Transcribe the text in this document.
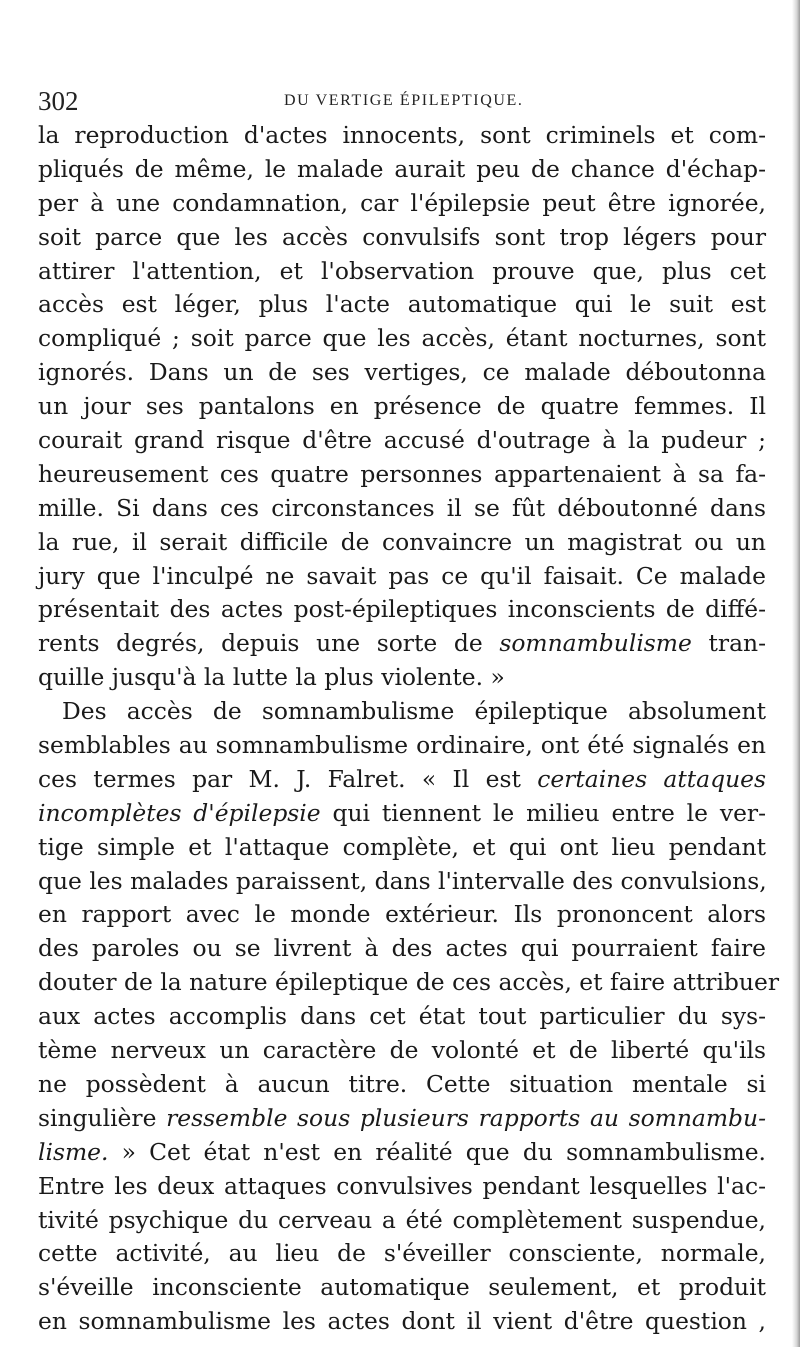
302	DU VERTIGE ÉPILEPTIQUE.
la reproduction d'actes innocents, sont criminels et com-
pliqués de même, le malade aurait peu de chance d'échap-
per à une condamnation, car l'épilepsie peut être ignorée,
soit parce que les accès convulsifs sont trop légers pour
attirer l'attention, et l'observation prouve que, plus cet
accès est léger, plus l'acte automatique qui le suit est
compliqué ; soit parce que les accès, étant nocturnes, sont
ignorés. Dans un de ses vertiges, ce malade déboutonna
un jour ses pantalons en présence de quatre femmes. Il
courait grand risque d'être accusé d'outrage à la pudeur ;
heureusement ces quatre personnes appartenaient à sa fa-
mille. Si dans ces circonstances il se fût déboutonné dans
la rue, il serait difficile de convaincre un magistrat ou un
jury que l'inculpé ne savait pas ce qu'il faisait. Ce malade
présentait des actes post-épileptiques inconscients de diffé-
rents degrés, depuis une sorte de somnambulisme tran-
quille jusqu'à la lutte la plus violente. »
Des accès de somnambulisme épileptique absolument
semblables au somnambulisme ordinaire, ont été signalés en
ces termes par M. J. Falret. « Il est certaines attaques
incomplètes d'épilepsie qui tiennent le milieu entre le ver-
tige simple et l'attaque complète, et qui ont lieu pendant
que les malades paraissent, dans l'intervalle des convulsions,
en rapport avec le monde extérieur. Ils prononcent alors
des paroles ou se livrent à des actes qui pourraient faire
douter de la nature épileptique de ces accès, et faire attribuer
aux actes accomplis dans cet état tout particulier du sys-
tème nerveux un caractère de volonté et de liberté qu'ils
ne possèdent à aucun titre. Cette situation mentale si
singulière ressemble sous plusieurs rapports au somnambu-
lisme. » Cet état n'est en réalité que du somnambulisme.
Entre les deux attaques convulsives pendant lesquelles l'ac-
tivité psychique du cerveau a été complètement suspendue,
cette activité, au lieu de s'éveiller consciente, normale,
s'éveille inconsciente automatique seulement, et produit
en somnambulisme les actes dont il vient d'être question ,
